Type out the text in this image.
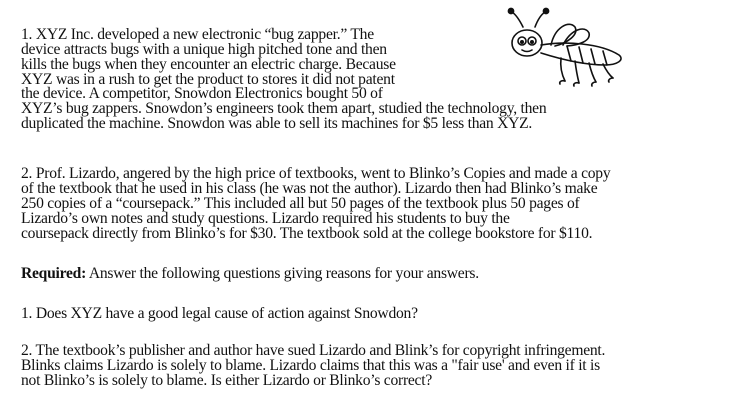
1. XYZ Inc. developed a new electronic “bug zapper.” The

device attracts bugs with a unique high pitched tone and then

kills the bugs when they encounter an electric charge. Because

XYZ was in a rush to get the product to stores it did not patent

the device. A competitor, Snowdon Electronics bought 50 of

XYZ’s bug zappers. Snowdon’s engineers took them apart, studied the technology, then

duplicated the machine. Snowdon was able to sell its machines for $5 less than XYZ.

2. Prof. Lizardo, angered by the high price of textbooks, went to Blinko’s Copies and made a copy

of the textbook that he used in his class (he was not the author). Lizardo then had Blinko’s make

250 copies of a “coursepack.” This included all but 50 pages of the textbook plus 50 pages of

Lizardo’s own notes and study questions. Lizardo required his students to buy the

coursepack directly from Blinko’s for $30. The textbook sold at the college bookstore for $110.

Required: Answer the following questions giving reasons for your answers.

1. Does XYZ have a good legal cause of action against Snowdon?

2. The textbook’s publisher and author have sued Lizardo and Blink’s for copyright infringement.

Blinks claims Lizardo is solely to blame. Lizardo claims that this was a "fair use' and even if it is

not Blinko’s is solely to blame. Is either Lizardo or Blinko’s correct?
